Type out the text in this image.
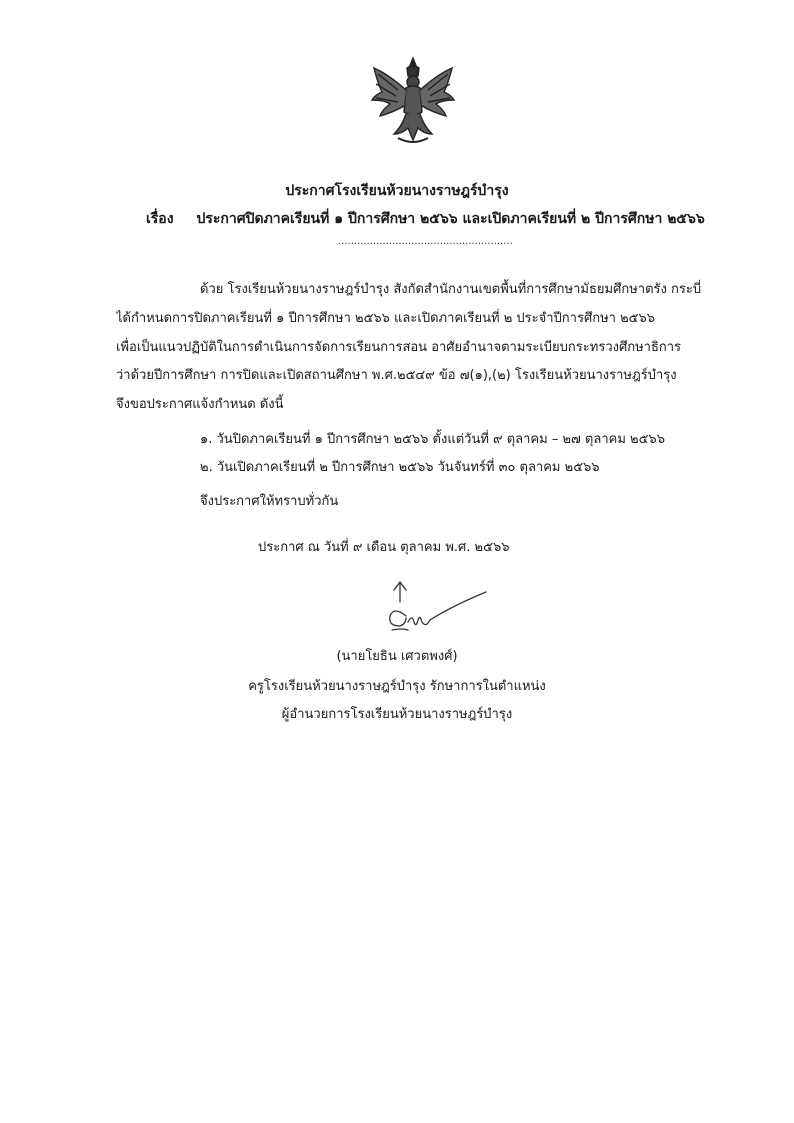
ประกาศโรงเรียนห้วยนางราษฎร์บำรุง
เรื่อง ประกาศปิดภาคเรียนที่ ๑ ปีการศึกษา ๒๕๖๖ และเปิดภาคเรียนที่ ๒ ปีการศึกษา ๒๕๖๖
.......................................................
ด้วย โรงเรียนห้วยนางราษฎร์บำรุง สังกัดสำนักงานเขตพื้นที่การศึกษามัธยมศึกษาตรัง กระบี่
ได้กำหนดการปิดภาคเรียนที่ ๑ ปีการศึกษา ๒๕๖๖ และเปิดภาคเรียนที่ ๒ ประจำปีการศึกษา ๒๕๖๖
เพื่อเป็นแนวปฏิบัติในการดำเนินการจัดการเรียนการสอน อาศัยอำนาจตามระเบียบกระทรวงศึกษาธิการ
ว่าด้วยปีการศึกษา การปิดและเปิดสถานศึกษา พ.ศ.๒๕๔๙ ข้อ ๗(๑),(๒) โรงเรียนห้วยนางราษฎร์บำรุง
จึงขอประกาศแจ้งกำหนด ดังนี้
๑. วันปิดภาคเรียนที่ ๑ ปีการศึกษา ๒๕๖๖ ตั้งแต่วันที่ ๙ ตุลาคม – ๒๗ ตุลาคม ๒๕๖๖
๒. วันเปิดภาคเรียนที่ ๒ ปีการศึกษา ๒๕๖๖ วันจันทร์ที่ ๓๐ ตุลาคม ๒๕๖๖
จึงประกาศให้ทราบทั่วกัน
ประกาศ ณ วันที่ ๙ เดือน ตุลาคม พ.ศ. ๒๕๖๖
(นายโยธิน เศวตพงศ์)
ครูโรงเรียนห้วยนางราษฎร์บำรุง รักษาการในตำแหน่ง
ผู้อำนวยการโรงเรียนห้วยนางราษฎร์บำรุง
